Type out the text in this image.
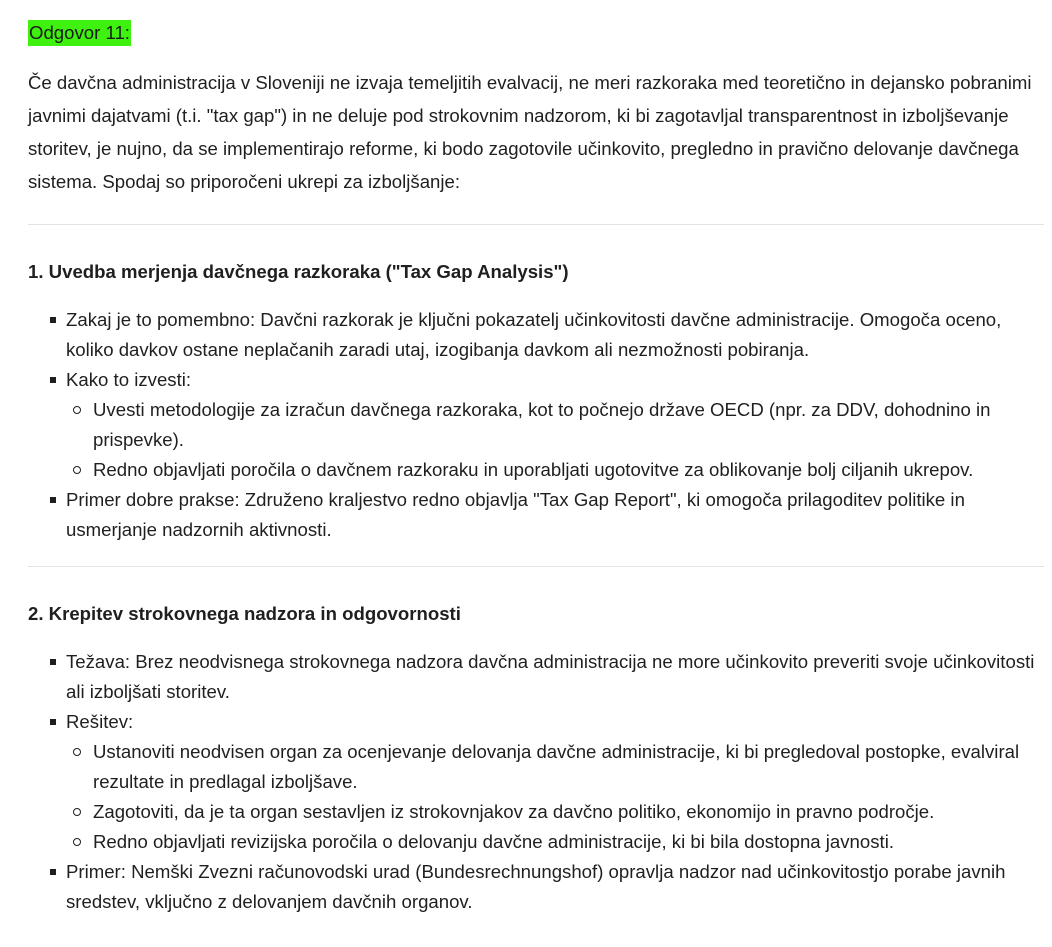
Odgovor 11:

Če davčna administracija v Sloveniji ne izvaja temeljitih evalvacij, ne meri razkoraka med teoretično in dejansko pobranimi javnimi dajatvami (t.i. "tax gap") in ne deluje pod strokovnim nadzorom, ki bi zagotavljal transparentnost in izboljševanje storitev, je nujno, da se implementirajo reforme, ki bodo zagotovile učinkovito, pregledno in pravično delovanje davčnega sistema. Spodaj so priporočeni ukrepi za izboljšanje:

1. Uvedba merjenja davčnega razkoraka ("Tax Gap Analysis")
Zakaj je to pomembno: Davčni razkorak je ključni pokazatelj učinkovitosti davčne administracije. Omogoča oceno, koliko davkov ostane neplačanih zaradi utaj, izogibanja davkom ali nezmožnosti pobiranja.
Kako to izvesti:
Uvesti metodologije za izračun davčnega razkoraka, kot to počnejo države OECD (npr. za DDV, dohodnino in prispevke).
Redno objavljati poročila o davčnem razkoraku in uporabljati ugotovitve za oblikovanje bolj ciljanih ukrepov.
Primer dobre prakse: Združeno kraljestvo redno objavlja "Tax Gap Report", ki omogoča prilagoditev politike in usmerjanje nadzornih aktivnosti.
2. Krepitev strokovnega nadzora in odgovornosti
Težava: Brez neodvisnega strokovnega nadzora davčna administracija ne more učinkovito preveriti svoje učinkovitosti ali izboljšati storitev.
Rešitev:
Ustanoviti neodvisen organ za ocenjevanje delovanja davčne administracije, ki bi pregledoval postopke, evalviral rezultate in predlagal izboljšave.
Zagotoviti, da je ta organ sestavljen iz strokovnjakov za davčno politiko, ekonomijo in pravno področje.
Redno objavljati revizijska poročila o delovanju davčne administracije, ki bi bila dostopna javnosti.
Primer: Nemški Zvezni računovodski urad (Bundesrechnungshof) opravlja nadzor nad učinkovitostjo porabe javnih sredstev, vključno z delovanjem davčnih organov.
